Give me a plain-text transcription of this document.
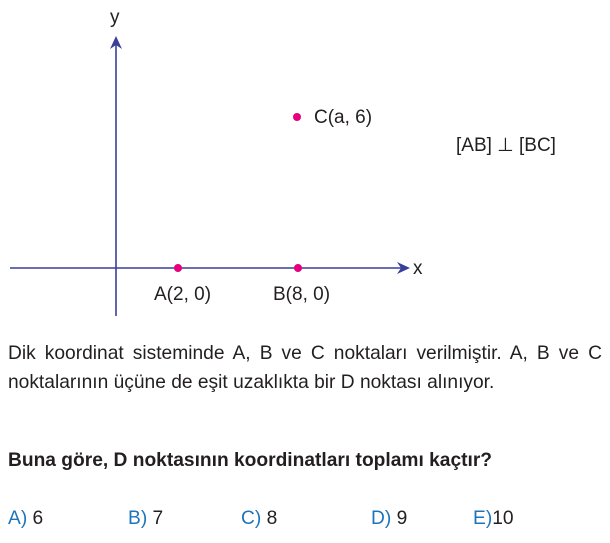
y
x
A(2, 0)	B(8, 0)
C(a, 6)
[AB] ⊥ [BC]

Dik koordinat sisteminde A, B ve C noktaları verilmiştir. A, B ve C noktalarının üçüne de eşit uzaklıkta bir D noktası alınıyor.

Buna göre, D noktasının koordinatları toplamı kaçtır?

A) 6	B) 7	C) 8	D) 9	E)10
